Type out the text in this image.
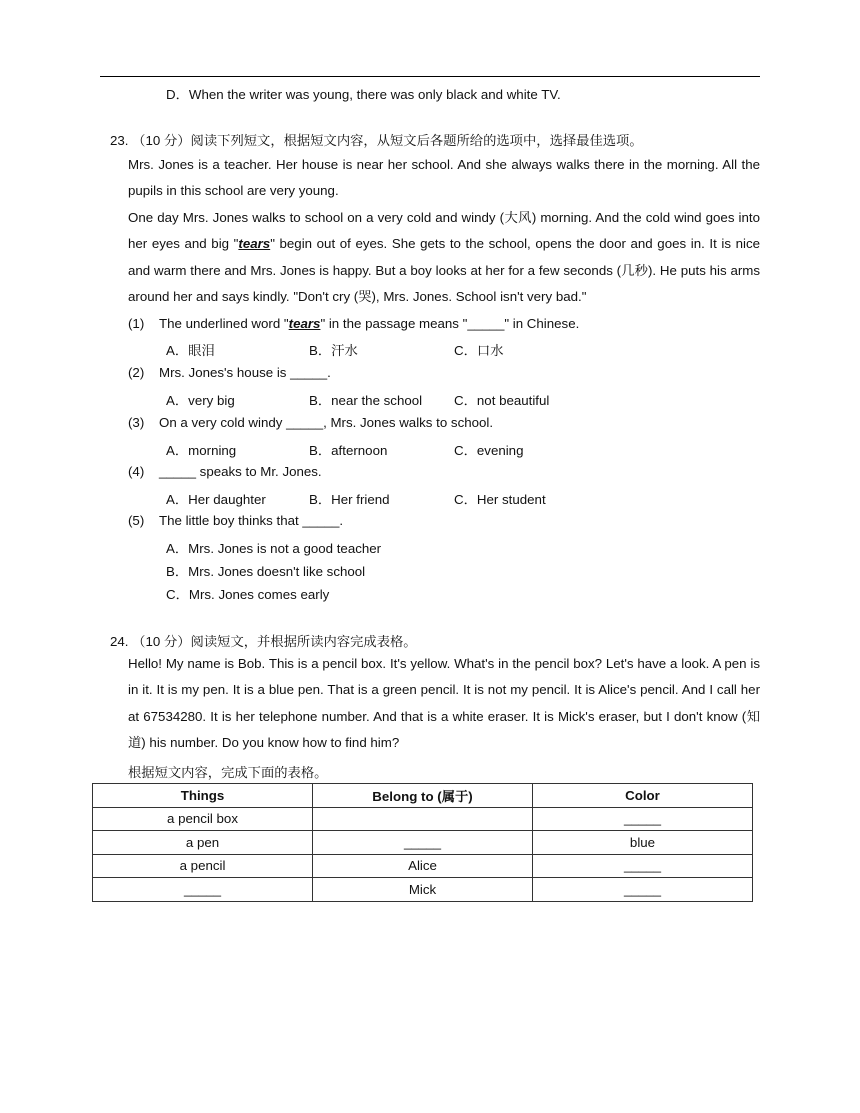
D．When the writer was young, there was only black and white TV.
23. （10 分）阅读下列短文，根据短文内容，从短文后各题所给的选项中，选择最佳选项。
Mrs. Jones is a teacher. Her house is near her school. And she always walks there in the morning. All the pupils in this school are very young.
One day Mrs. Jones walks to school on a very cold and windy (大风) morning. And the cold wind goes into her eyes and big "tears" begin out of eyes. She gets to the school, opens the door and goes in. It is nice and warm there and Mrs. Jones is happy. But a boy looks at her for a few seconds (几秒). He puts his arms around her and says kindly. "Don't cry (哭), Mrs. Jones. School isn't very bad."
(1) The underlined word "tears" in the passage means "_____" in Chinese.
A．眼泪	B．汗水	C．口水
(2) Mrs. Jones's house is _____.
A．very big	B．near the school C．not beautiful
(3) On a very cold windy _____, Mrs. Jones walks to school.
A．morning	B．afternoon	C．evening
(4) _____ speaks to Mr. Jones.
A．Her daughter	B．Her friend	C．Her student
(5) The little boy thinks that _____.
A．Mrs. Jones is not a good teacher
B．Mrs. Jones doesn't like school
C．Mrs. Jones comes early
24. （10 分）阅读短文，并根据所读内容完成表格。
Hello! My name is Bob. This is a pencil box. It's yellow. What's in the pencil box? Let's have a look. A pen is in it. It is my pen. It is a blue pen. That is a green pencil. It is not my pencil. It is Alice's pencil. And I call her at 67534280. It is her telephone number. And that is a white eraser. It is Mick's eraser, but I don't know (知道) his number. Do you know how to find him?
根据短文内容，完成下面的表格。
Things	Belong to (属于)	Color
a pencil box		_____
a pen	_____	blue
a pencil	Alice	_____
_____	Mick	_____
